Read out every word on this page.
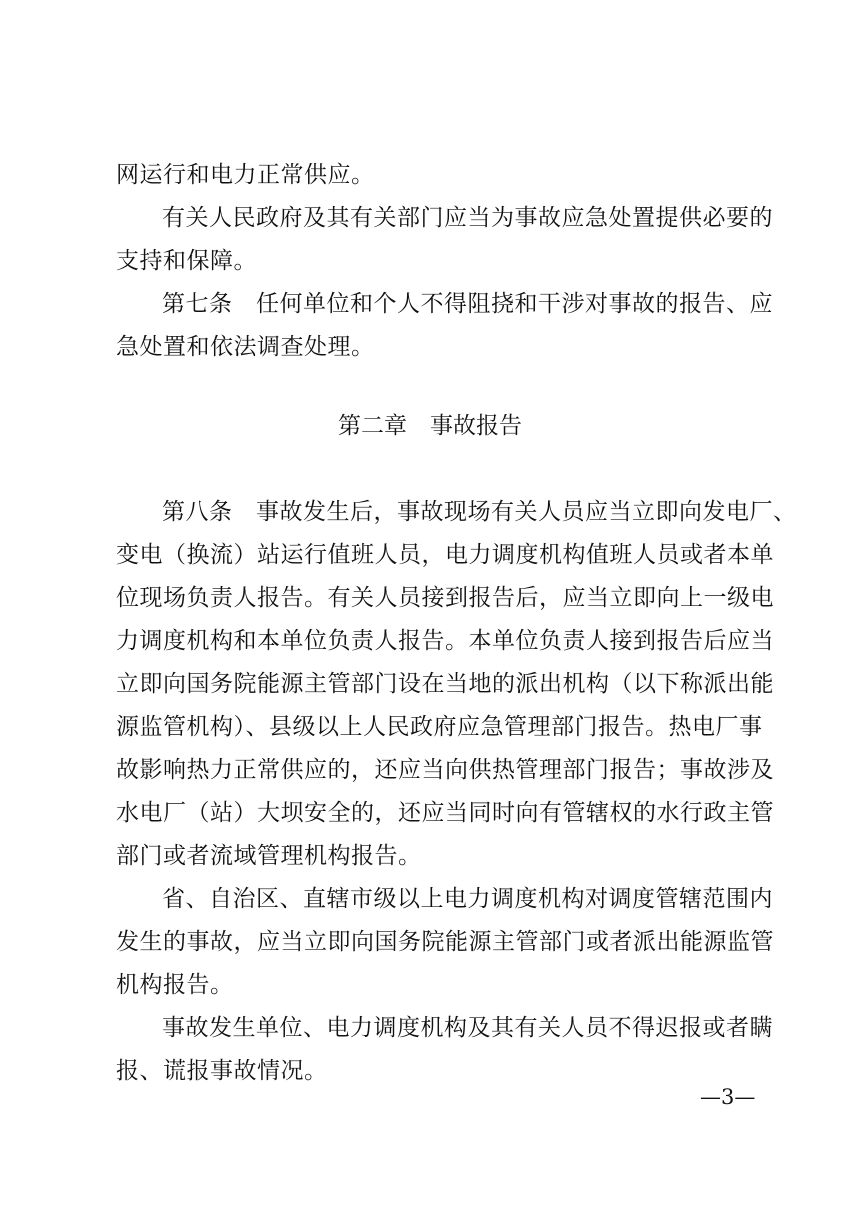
网运行和电力正常供应。
有关人民政府及其有关部门应当为事故应急处置提供必要的
支持和保障。
第七条　任何单位和个人不得阻挠和干涉对事故的报告、应
急处置和依法调查处理。
第二章　事故报告
第八条　事故发生后，事故现场有关人员应当立即向发电厂、
变电（换流）站运行值班人员，电力调度机构值班人员或者本单
位现场负责人报告。有关人员接到报告后，应当立即向上一级电
力调度机构和本单位负责人报告。本单位负责人接到报告后应当
立即向国务院能源主管部门设在当地的派出机构（以下称派出能
源监管机构）、县级以上人民政府应急管理部门报告。热电厂事
故影响热力正常供应的，还应当向供热管理部门报告；事故涉及
水电厂（站）大坝安全的，还应当同时向有管辖权的水行政主管
部门或者流域管理机构报告。
省、自治区、直辖市级以上电力调度机构对调度管辖范围内
发生的事故，应当立即向国务院能源主管部门或者派出能源监管
机构报告。
事故发生单位、电力调度机构及其有关人员不得迟报或者瞒
报、谎报事故情况。
—3—
